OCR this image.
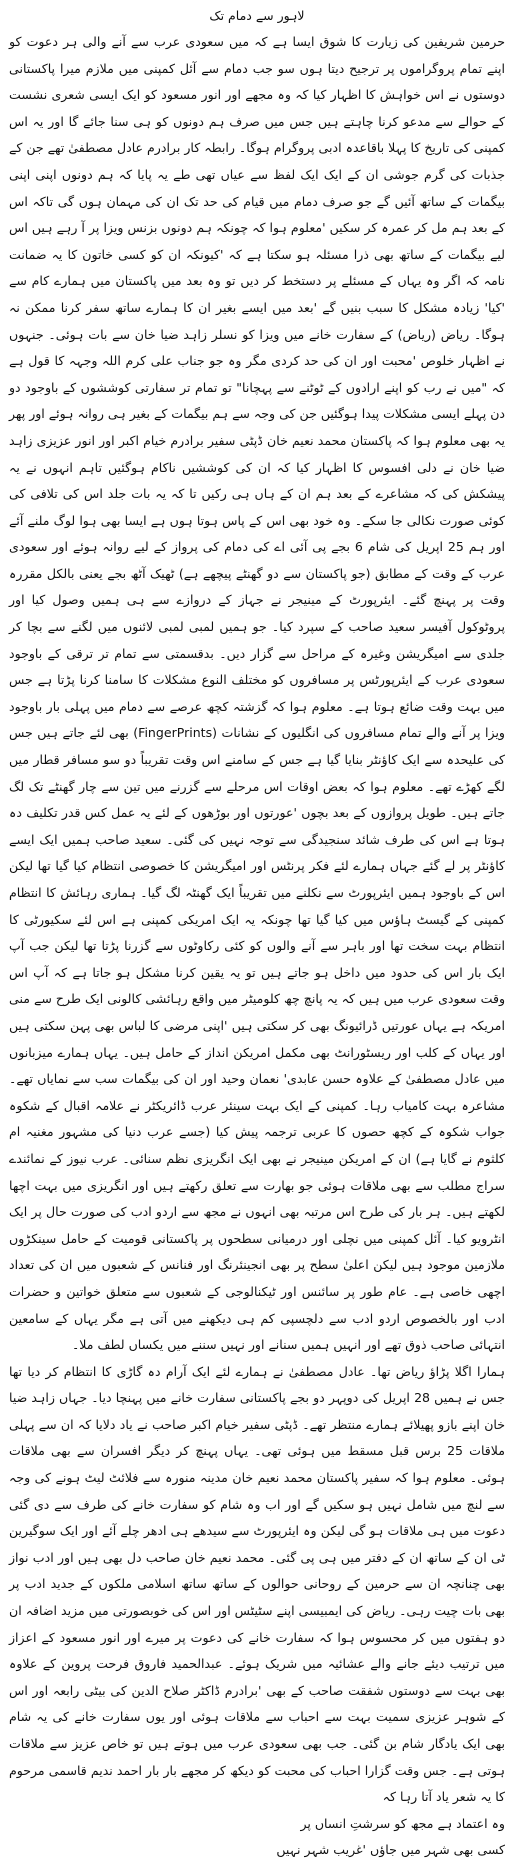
لاہور سے دمام تک

حرمین شریفین کی زیارت کا شوق ایسا ہے کہ میں سعودی عرب سے آنے والی ہر دعوت کو اپنے تمام پروگراموں پر ترجیح دیتا ہوں سو جب دمام سے آئل کمپنی میں ملازم میرا پاکستانی دوستوں نے اس خواہش کا اظہار کیا کہ وہ مجھے اور انور مسعود کو ایک ایسی شعری نشست کے حوالے سے مدعو کرنا چاہتے ہیں جس میں صرف ہم دونوں کو ہی سنا جائے گا اور یہ اس کمپنی کی تاریخ کا پہلا باقاعدہ ادبی پروگرام ہوگا۔ رابطہ کار برادرم عادل مصطفیٰ تھے جن کے جذبات کی گرم جوشی ان کے ایک ایک لفظ سے عیاں تھی طے یہ پایا کہ ہم دونوں اپنی اپنی بیگمات کے ساتھ آئیں گے جو صرف دمام میں قیام کی حد تک ان کی مہمان ہوں گی تاکہ اس کے بعد ہم مل کر عمرہ کر سکیں 'معلوم ہوا کہ چونکہ ہم دونوں بزنس ویزا پر آ رہے ہیں اس لیے بیگمات کے ساتھ بھی ذرا مسئلہ ہو سکتا ہے کہ 'کیونکہ ان کو کسی خاتون کا یہ ضمانت نامہ کہ اگر وہ یہاں کے مسئلے پر دستخط کر دیں تو وہ بعد میں پاکستان میں ہمارے کام سے 'کیا' زیادہ مشکل کا سبب بنیں گے 'بعد میں ایسے بغیر ان کا ہمارے ساتھ سفر کرنا ممکن نہ ہوگا۔ ریاض (ریاض) کے سفارت خانے میں ویزا کو نسلر زاہد ضیا خان سے بات ہوئی۔ جنہوں نے اظہار خلوص 'محبت اور ان کی حد کردی مگر وہ جو جناب علی کرم اللہ وجہہ کا قول ہے کہ "میں نے رب کو اپنے ارادوں کے ٹوٹنے سے پہچانا" تو تمام تر سفارتی کوششوں کے باوجود دو دن پہلے ایسی مشکلات پیدا ہوگئیں جن کی وجہ سے ہم بیگمات کے بغیر ہی روانہ ہوئے اور پھر یہ بھی معلوم ہوا کہ پاکستان محمد نعیم خان ڈپٹی سفیر برادرم خیام اکبر اور انور عزیزی زاہد ضیا خان نے دلی افسوس کا اظہار کیا کہ ان کی کوششیں ناکام ہوگئیں تاہم انہوں نے یہ پیشکش کی کہ مشاعرے کے بعد ہم ان کے ہاں ہی رکیں تا کہ یہ بات جلد اس کی تلافی کی کوئی صورت نکالی جا سکے۔ وہ خود بھی اس کے پاس ہوتا ہوں ہے ایسا بھی ہوا لوگ ملنے آئے اور ہم 25 اپریل کی شام 6 بجے پی آئی اے کی دمام کی پرواز کے لیے روانہ ہوئے اور سعودی عرب کے وقت کے مطابق (جو پاکستان سے دو گھنٹے پیچھے ہے) ٹھیک آٹھ بجے یعنی بالکل مقررہ وقت پر پہنچ گئے۔ ایئرپورٹ کے مینیجر نے جہاز کے دروازے سے ہی ہمیں وصول کیا اور پروٹوکول آفیسر سعید صاحب کے سپرد کیا۔ جو ہمیں لمبی لمبی لائنوں میں لگنے سے بچا کر جلدی سے امیگریشن وغیرہ کے مراحل سے گزار دیں۔ بدقسمتی سے تمام تر ترقی کے باوجود سعودی عرب کے ایئرپورٹس پر مسافروں کو مختلف النوع مشکلات کا سامنا کرنا پڑتا ہے جس میں بہت وقت ضائع ہوتا ہے۔ معلوم ہوا کہ گزشتہ کچھ عرصے سے دمام میں پہلی بار باوجود ویزا پر آنے والے تمام مسافروں کی انگلیوں کے نشانات (FingerPrints) بھی لئے جاتے ہیں جس کی علیحدہ سے ایک کاؤنٹر بنایا گیا ہے جس کے سامنے اس وقت تقریباً دو سو مسافر قطار میں لگے کھڑے تھے۔ معلوم ہوا کہ بعض اوقات اس مرحلے سے گزرنے میں تین سے چار گھنٹے تک لگ جاتے ہیں۔ طویل پروازوں کے بعد بچوں 'عورتوں اور بوڑھوں کے لئے یہ عمل کس قدر تکلیف دہ ہوتا ہے اس کی طرف شائد سنجیدگی سے توجہ نہیں کی گئی۔ سعید صاحب ہمیں ایک ایسے کاؤنٹر پر لے گئے جہاں ہمارے لئے فکر پرنٹس اور امیگریشن کا خصوصی انتظام کیا گیا تھا لیکن اس کے باوجود ہمیں ایئرپورٹ سے نکلنے میں تقریباً ایک گھنٹہ لگ گیا۔ ہماری رہائش کا انتظام کمپنی کے گیسٹ ہاؤس میں کیا گیا تھا چونکہ یہ ایک امریکی کمپنی ہے اس لئے سکیورٹی کا انتظام بہت سخت تھا اور باہر سے آنے والوں کو کئی رکاوٹوں سے گزرنا پڑتا تھا لیکن جب آپ ایک بار اس کی حدود میں داخل ہو جاتے ہیں تو یہ یقین کرنا مشکل ہو جاتا ہے کہ آپ اس وقت سعودی عرب میں ہیں کہ یہ پانچ چھ کلومیٹر میں واقع رہائشی کالونی ایک طرح سے منی امریکہ ہے یہاں عورتیں ڈرائیونگ بھی کر سکتی ہیں 'اپنی مرضی کا لباس بھی پہن سکتی ہیں اور یہاں کے کلب اور ریسٹورانٹ بھی مکمل امریکن انداز کے حامل ہیں۔ یہاں ہمارے میزبانوں میں عادل مصطفیٰ کے علاوہ حسن عابدی' نعمان وحید اور ان کی بیگمات سب سے نمایاں تھے۔ مشاعرہ بہت کامیاب رہا۔ کمپنی کے ایک بہت سینئر عرب ڈائریکٹر نے علامہ اقبال کے شکوہ جواب شکوہ کے کچھ حصوں کا عربی ترجمہ پیش کیا (جسے عرب دنیا کی مشہور مغنیہ ام کلثوم نے گایا ہے) ان کے امریکن مینیجر نے بھی ایک انگریزی نظم سنائی۔ عرب نیوز کے نمائندے سراج مطلب سے بھی ملاقات ہوئی جو بھارت سے تعلق رکھتے ہیں اور انگریزی میں بہت اچھا لکھتے ہیں۔ ہر بار کی طرح اس مرتبہ بھی انہوں نے مجھ سے اردو ادب کی صورت حال پر ایک انٹرویو کیا۔ آئل کمپنی میں نچلی اور درمیانی سطحوں پر پاکستانی قومیت کے حامل سینکڑوں ملازمین موجود ہیں لیکن اعلیٰ سطح پر بھی انجینئرنگ اور فنانس کے شعبوں میں ان کی تعداد اچھی خاصی ہے۔ عام طور پر سائنس اور ٹیکنالوجی کے شعبوں سے متعلق خواتین و حضرات ادب اور بالخصوص اردو ادب سے دلچسپی کم ہی دیکھنے میں آتی ہے مگر یہاں کے سامعین انتہائی صاحب ذوق تھے اور انہیں ہمیں سنانے اور نہیں سننے میں یکساں لطف ملا۔

ہمارا اگلا پڑاؤ ریاض تھا۔ عادل مصطفیٰ نے ہمارے لئے ایک آرام دہ گاڑی کا انتظام کر دیا تھا جس نے ہمیں 28 اپریل کی دوپہر دو بجے پاکستانی سفارت خانے میں پہنچا دیا۔ جہاں زاہد ضیا خان اپنے بازو پھیلائے ہمارے منتظر تھے۔ ڈپٹی سفیر خیام اکبر صاحب نے یاد دلایا کہ ان سے پہلی ملاقات 25 برس قبل مسقط میں ہوئی تھی۔ یہاں پہنچ کر دیگر افسران سے بھی ملاقات ہوئی۔ معلوم ہوا کہ سفیر پاکستان محمد نعیم خان مدینہ منورہ سے فلائٹ لیٹ ہونے کی وجہ سے لنچ میں شامل نہیں ہو سکیں گے اور اب وہ شام کو سفارت خانے کی طرف سے دی گئی دعوت میں ہی ملاقات ہو گی لیکن وہ ایئرپورٹ سے سیدھے ہی ادھر چلے آئے اور ایک سوگیرین ٹی ان کے ساتھ ان کے دفتر میں ہی پی گئی۔ محمد نعیم خان صاحب دل بھی ہیں اور ادب نواز بھی چنانچہ ان سے حرمین کے روحانی حوالوں کے ساتھ ساتھ اسلامی ملکوں کے جدید ادب پر بھی بات چیت رہی۔ ریاض کی ایمبیسی اپنے سٹیٹس اور اس کی خوبصورتی میں مزید اضافہ ان دو ہفتوں میں کر محسوس ہوا کہ سفارت خانے کی دعوت پر میرے اور انور مسعود کے اعزاز میں ترتیب دیئے جانے والے عشائیہ میں شریک ہوئے۔ عبدالحمید فاروق فرحت پروین کے علاوہ بھی بہت سے دوستوں شفقت صاحب کے بھی 'برادرم ڈاکٹر صلاح الدین کی بیٹی رابعہ اور اس کے شوہر عزیزی سمیت بہت سے احباب سے ملاقات ہوئی اور یوں سفارت خانے کی یہ شام بھی ایک یادگار شام بن گئی۔ جب بھی سعودی عرب میں ہوتے ہیں تو خاص عزیز سے ملاقات ہوتی ہے۔ جس وقت گزارا احباب کی محبت کو دیکھ کر مجھے بار بار احمد ندیم قاسمی مرحوم کا یہ شعر یاد آتا رہا کہ

وہ اعتماد ہے مجھ کو سرشتِ انساں پر
کسی بھی شہر میں جاؤں 'غریب شہر نہیں
